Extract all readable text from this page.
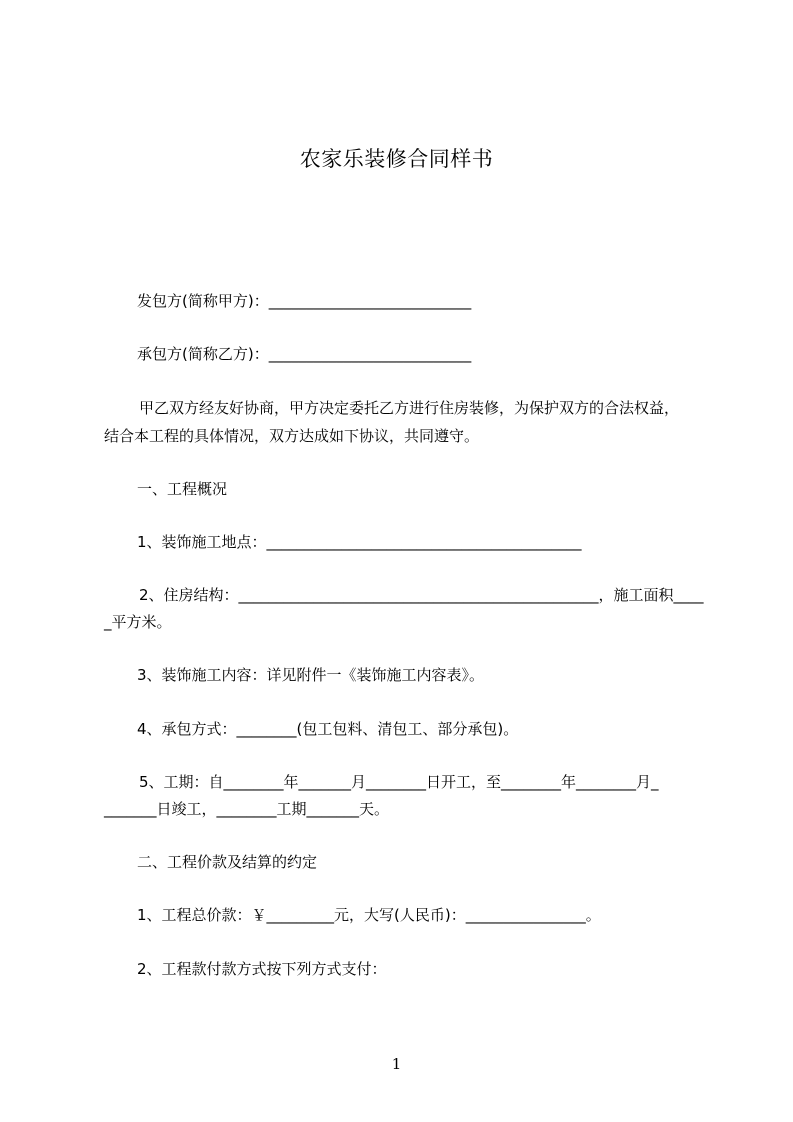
农家乐装修合同样书
发包方(简称甲方)：___________________________
承包方(简称乙方)：___________________________
甲乙双方经友好协商，甲方决定委托乙方进行住房装修，为保护双方的合法权益，
结合本工程的具体情况，双方达成如下协议，共同遵守。
一、工程概况
1、装饰施工地点：__________________________________________
2、住房结构：________________________________________________，施工面积____
_平方米。
3、装饰施工内容：详见附件一《装饰施工内容表》。
4、承包方式：________(包工包料、清包工、部分承包)。
5、工期：自________年_______月________日开工，至________年________月_
_______日竣工，________工期_______天。
二、工程价款及结算的约定
1、工程总价款：￥_________元，大写(人民币)：________________。
2、工程款付款方式按下列方式支付：
1
